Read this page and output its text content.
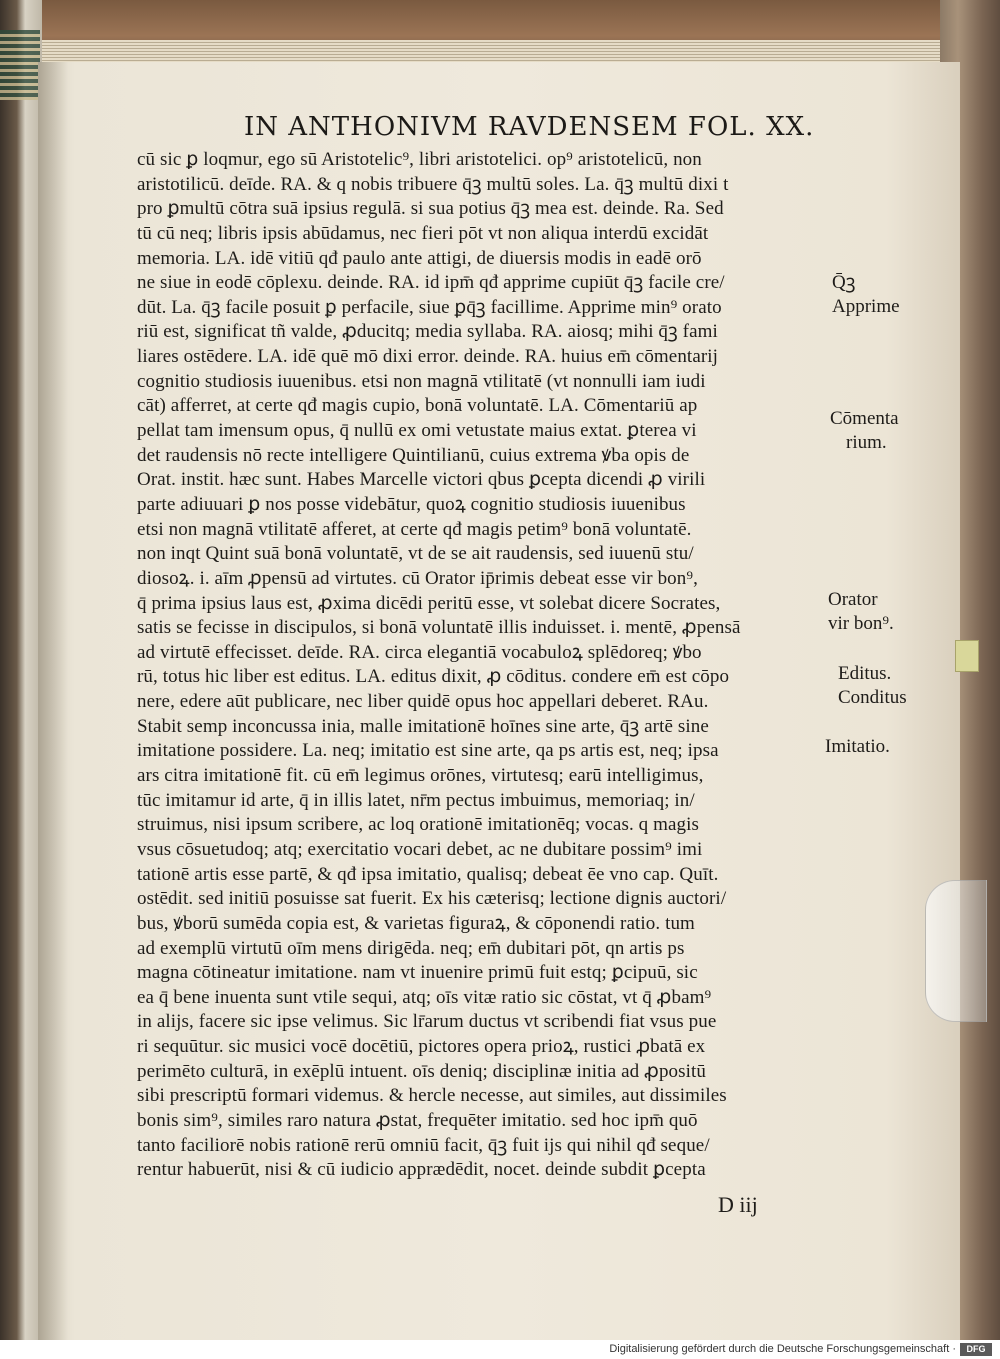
IN ANTHONIVM RAVDENSEM FOL. XX.
cū sic ꝑ loqmur, ego sū Aristotelic⁹, libri aristotelici. op⁹ aristotelicū, non
aristotilicū. deīde. RA. & q nobis tribuere q̄ꝫ multū soles. La. q̄ꝫ multū dixi t
pro ꝑmultū cōtra suā ipsius regulā. si sua potius q̄ꝫ mea est. deinde. Ra. Sed
tū cū neq; libris ipsis abūdamus, nec fieri pōt vt non aliqua interdū excidāt
memoria. LA. idē vitiū qđ paulo ante attigi, de diuersis modis in eadē orō
ne siue in eodē cōplexu. deinde. RA. id ipm̄ qđ apprime cupiūt q̄ꝫ facile cre/
dūt. La. q̄ꝫ facile posuit ꝑ perfacile, siue ꝑq̄ꝫ facillime. Apprime min⁹ orato
riū est, significat tñ valde, ꝓducitq; media syllaba. RA. aiosq; mihi q̄ꝫ fami
liares ostēdere. LA. idē quē mō dixi error. deinde. RA. huius em̄ cōmentarij
cognitio studiosis iuuenibus. etsi non magnā vtilitatē (vt nonnulli iam iudi
cāt) afferret, at certe qđ magis cupio, bonā voluntatē. LA. Cōmentariū ap
pellat tam imensum opus, q̄ nullū ex omi vetustate maius extat. ꝑterea vi
det raudensis nō recte intelligere Quintilianū, cuius extrema ꝟba opis de
Orat. instit. hæc sunt. Habes Marcelle victori qbus ꝑcepta dicendi ꝓ virili
parte adiuuari ꝑ nos posse videbātur, quoꝝ cognitio studiosis iuuenibus
etsi non magnā vtilitatē afferet, at certe qđ magis petim⁹ bonā voluntatē.
non inqt Quint suā bonā voluntatē, vt de se ait raudensis, sed iuuenū stu/
diosoꝝ. i. aīm ꝓpensū ad virtutes. cū Orator ip̄rimis debeat esse vir bon⁹,
q̄ prima ipsius laus est, ꝓxima dicēdi peritū esse, vt solebat dicere Socrates,
satis se fecisse in discipulos, si bonā voluntatē illis induisset. i. mentē, ꝓpensā
ad virtutē effecisset. deīde. RA. circa elegantiā vocabuloꝝ splēdoreq; ꝟbo
rū, totus hic liber est editus. LA. editus dixit, ꝓ cōditus. condere em̄ est cōpo
nere, edere aūt publicare, nec liber quidē opus hoc appellari deberet. RAu.
Stabit semp inconcussa inia, malle imitationē hoīnes sine arte, q̄ꝫ artē sine
imitatione possidere. La. neq; imitatio est sine arte, qa ps artis est, neq; ipsa
ars citra imitationē fit. cū em̄ legimus orōnes, virtutesq; earū intelligimus,
tūc imitamur id arte, q̄ in illis latet, nr̄m pectus imbuimus, memoriaq; in/
struimus, nisi ipsum scribere, ac loq orationē imitationēq; vocas. q magis
vsus cōsuetudoq; atq; exercitatio vocari debet, ac ne dubitare possim⁹ imi
tationē artis esse partē, & qđ ipsa imitatio, qualisq; debeat ēe vno cap. Quīt.
ostēdit. sed initiū posuisse sat fuerit. Ex his cæterisq; lectione dignis auctori/
bus, ꝟborū sumēda copia est, & varietas figuraꝝ, & cōponendi ratio. tum
ad exemplū virtutū oīm mens dirigēda. neq; em̄ dubitari pōt, qn artis ps
magna cōtineatur imitatione. nam vt inuenire primū fuit estq; ꝑcipuū, sic
ea q̄ bene inuenta sunt vtile sequi, atq; oīs vitæ ratio sic cōstat, vt q̄ ꝓbam⁹
in alijs, facere sic ipse velimus. Sic lr̄arum ductus vt scribendi fiat vsus pue
ri sequūtur. sic musici vocē docētiū, pictores opera prioꝝ, rustici ꝓbatā ex
perimēto culturā, in exēplū intuent. oīs deniq; disciplinæ initia ad ꝓpositū
sibi prescriptū formari videmus. & hercle necesse, aut similes, aut dissimiles
bonis sim⁹, similes raro natura ꝓstat, frequēter imitatio. sed hoc ipm̄ quō
tanto faciliorē nobis rationē rerū omniū facit, q̄ꝫ fuit ijs qui nihil qđ seque/
rentur habuerūt, nisi & cū iudicio apprædēdit, nocet. deinde subdit ꝑcepta
D iij
Q̄ꝫ
Apprime
Cōmenta
rium.
Orator
vir bon⁹.
Editus.
Conditus
Imitatio.
Digitalisierung gefördert durch die Deutsche Forschungsgemeinschaft ·	DFG
